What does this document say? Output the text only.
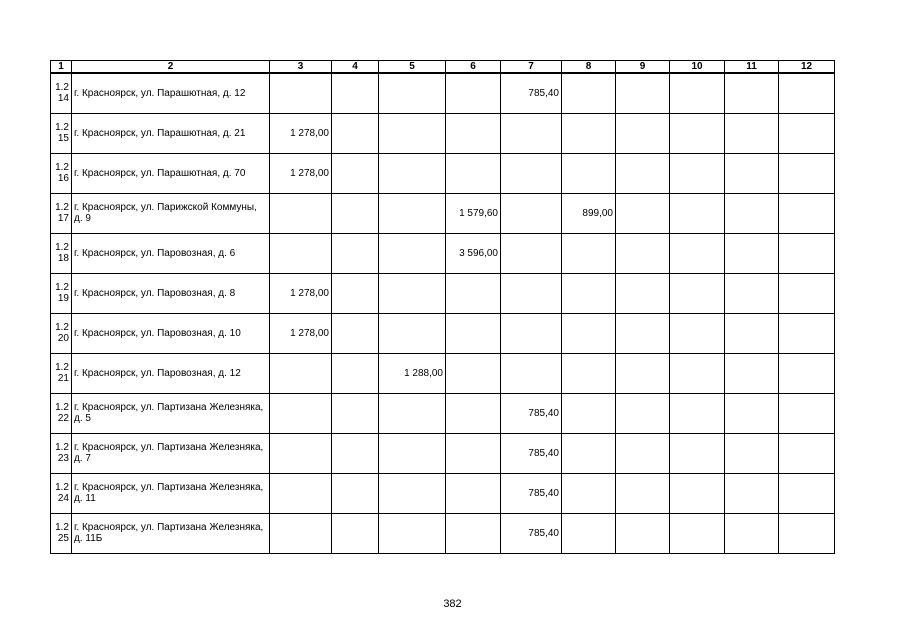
1	2	3	4	5	6	7	8	9	10	11	12
1.2
14	г. Красноярск, ул. Парашютная, д. 12					785,40					
1.2
15	г. Красноярск, ул. Парашютная, д. 21	1 278,00									
1.2
16	г. Красноярск, ул. Парашютная, д. 70	1 278,00									
1.2
17	г. Красноярск, ул. Парижской Коммуны, д. 9				1 579,60		899,00				
1.2
18	г. Красноярск, ул. Паровозная, д. 6				3 596,00						
1.2
19	г. Красноярск, ул. Паровозная, д. 8	1 278,00									
1.2
20	г. Красноярск, ул. Паровозная, д. 10	1 278,00									
1.2
21	г. Красноярск, ул. Паровозная, д. 12			1 288,00							
1.2
22	г. Красноярск, ул. Партизана Железняка, д. 5					785,40					
1.2
23	г. Красноярск, ул. Партизана Железняка, д. 7					785,40					
1.2
24	г. Красноярск, ул. Партизана Железняка, д. 11					785,40					
1.2
25	г. Красноярск, ул. Партизана Железняка, д. 11Б					785,40					
382
